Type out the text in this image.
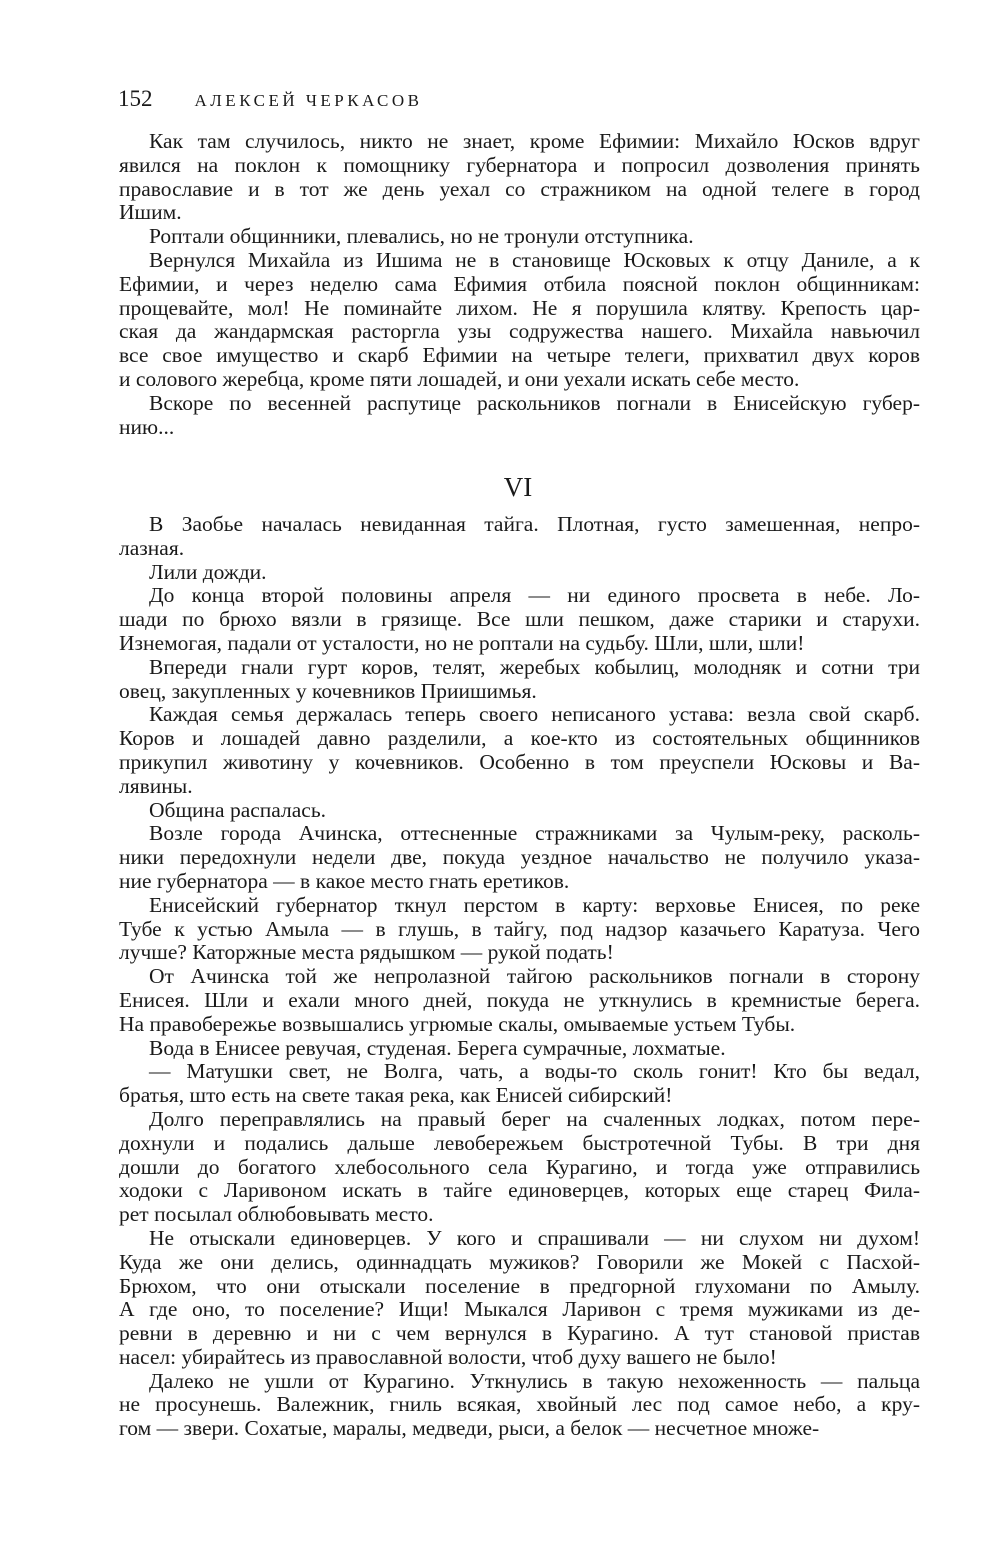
152 АЛЕКСЕЙ ЧЕРКАСОВ
Как там случилось, никто не знает, кроме Ефимии: Михайло Юсков вдруг
явился на поклон к помощнику губернатора и попросил дозволения принять
православие и в тот же день уехал со стражником на одной телеге в город
Ишим.
Роптали общинники, плевались, но не тронули отступника.
Вернулся Михайла из Ишима не в становище Юсковых к отцу Даниле, а к
Ефимии, и через неделю сама Ефимия отбила поясной поклон общинникам:
прощевайте, мол! Не поминайте лихом. Не я порушила клятву. Крепость цар-
ская да жандармская расторгла узы содружества нашего. Михайла навьючил
все свое имущество и скарб Ефимии на четыре телеги, прихватил двух коров
и солового жеребца, кроме пяти лошадей, и они уехали искать себе место.
Вскоре по весенней распутице раскольников погнали в Енисейскую губер-
нию...
VI
В Заобье началась невиданная тайга. Плотная, густо замешенная, непро-
лазная.
Лили дожди.
До конца второй половины апреля — ни единого просвета в небе. Ло-
шади по брюхо вязли в грязище. Все шли пешком, даже старики и старухи.
Изнемогая, падали от усталости, но не роптали на судьбу. Шли, шли, шли!
Впереди гнали гурт коров, телят, жеребых кобылиц, молодняк и сотни три
овец, закупленных у кочевников Приишимья.
Каждая семья держалась теперь своего неписаного устава: везла свой скарб.
Коров и лошадей давно разделили, а кое-кто из состоятельных общинников
прикупил животину у кочевников. Особенно в том преуспели Юсковы и Ва-
лявины.
Община распалась.
Возле города Ачинска, оттесненные стражниками за Чулым-реку, расколь-
ники передохнули недели две, покуда уездное начальство не получило указа-
ние губернатора — в какое место гнать еретиков.
Енисейский губернатор ткнул перстом в карту: верховье Енисея, по реке
Тубе к устью Амыла — в глушь, в тайгу, под надзор казачьего Каратуза. Чего
лучше? Каторжные места рядышком — рукой подать!
От Ачинска той же непролазной тайгою раскольников погнали в сторону
Енисея. Шли и ехали много дней, покуда не уткнулись в кремнистые берега.
На правобережье возвышались угрюмые скалы, омываемые устьем Тубы.
Вода в Енисее ревучая, студеная. Берега сумрачные, лохматые.
— Матушки свет, не Волга, чать, а воды-то сколь гонит! Кто бы ведал,
братья, што есть на свете такая река, как Енисей сибирский!
Долго переправлялись на правый берег на счаленных лодках, потом пере-
дохнули и подались дальше левобережьем быстротечной Тубы. В три дня
дошли до богатого хлебосольного села Курагино, и тогда уже отправились
ходоки с Ларивоном искать в тайге единоверцев, которых еще старец Фила-
рет посылал облюбовывать место.
Не отыскали единоверцев. У кого и спрашивали — ни слухом ни духом!
Куда же они делись, одиннадцать мужиков? Говорили же Мокей с Пасхой-
Брюхом, что они отыскали поселение в предгорной глухомани по Амылу.
А где оно, то поселение? Ищи! Мыкался Ларивон с тремя мужиками из де-
ревни в деревню и ни с чем вернулся в Курагино. А тут становой пристав
насел: убирайтесь из православной волости, чтоб духу вашего не было!
Далеко не ушли от Курагино. Уткнулись в такую нехоженность — пальца
не просунешь. Валежник, гниль всякая, хвойный лес под самое небо, а кру-
гом — звери. Сохатые, маралы, медведи, рыси, а белок — несчетное множе-
